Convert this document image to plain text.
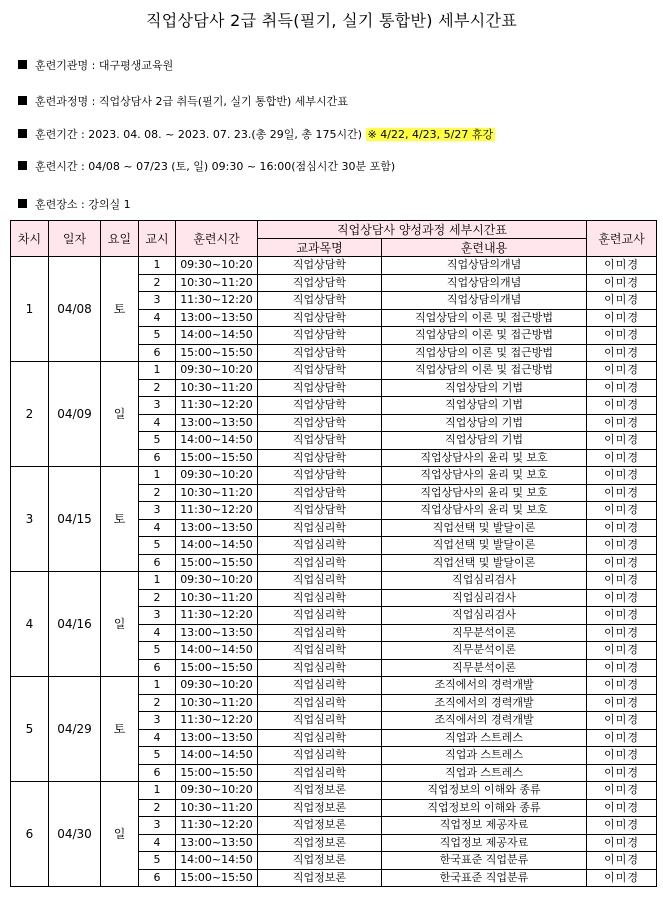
직업상담사 2급 취득(필기, 실기 통합반) 세부시간표
훈련기관명 : 대구평생교육원
훈련과정명 : 직업상담사 2급 취득(필기, 실기 통합반) 세부시간표
훈련기간 : 2023. 04. 08. ~ 2023. 07. 23.(총 29일, 총 175시간) ※ 4/22, 4/23, 5/27 휴강
훈련시간 : 04/08 ~ 07/23 (토, 일) 09:30 ~ 16:00(점심시간 30분 포함)
훈련장소 : 강의실 1
차시	일자	요일	교시	훈련시간	직업상담사 양성과정 세부시간표		훈련교사
					교과목명	훈련내용	
1	04/08	토	1	09:30~10:20	직업상담학	직업상담의개념	이미경
			2	10:30~11:20	직업상담학	직업상담의개념	이미경
			3	11:30~12:20	직업상담학	직업상담의개념	이미경
			4	13:00~13:50	직업상담학	직업상담의 이론 및 접근방법	이미경
			5	14:00~14:50	직업상담학	직업상담의 이론 및 접근방법	이미경
			6	15:00~15:50	직업상담학	직업상담의 이론 및 접근방법	이미경
2	04/09	일	1	09:30~10:20	직업상담학	직업상담의 이론 및 접근방법	이미경
			2	10:30~11:20	직업상담학	직업상담의 기법	이미경
			3	11:30~12:20	직업상담학	직업상담의 기법	이미경
			4	13:00~13:50	직업상담학	직업상담의 기법	이미경
			5	14:00~14:50	직업상담학	직업상담의 기법	이미경
			6	15:00~15:50	직업상담학	직업상담사의 윤리 및 보호	이미경
3	04/15	토	1	09:30~10:20	직업상담학	직업상담사의 윤리 및 보호	이미경
			2	10:30~11:20	직업상담학	직업상담사의 윤리 및 보호	이미경
			3	11:30~12:20	직업상담학	직업상담사의 윤리 및 보호	이미경
			4	13:00~13:50	직업심리학	직업선택 및 발달이론	이미경
			5	14:00~14:50	직업심리학	직업선택 및 발달이론	이미경
			6	15:00~15:50	직업심리학	직업선택 및 발달이론	이미경
4	04/16	일	1	09:30~10:20	직업심리학	직업심리검사	이미경
			2	10:30~11:20	직업심리학	직업심리검사	이미경
			3	11:30~12:20	직업심리학	직업심리검사	이미경
			4	13:00~13:50	직업심리학	직무분석이론	이미경
			5	14:00~14:50	직업심리학	직무분석이론	이미경
			6	15:00~15:50	직업심리학	직무분석이론	이미경
5	04/29	토	1	09:30~10:20	직업심리학	조직에서의 경력개발	이미경
			2	10:30~11:20	직업심리학	조직에서의 경력개발	이미경
			3	11:30~12:20	직업심리학	조직에서의 경력개발	이미경
			4	13:00~13:50	직업심리학	직업과 스트레스	이미경
			5	14:00~14:50	직업심리학	직업과 스트레스	이미경
			6	15:00~15:50	직업심리학	직업과 스트레스	이미경
6	04/30	일	1	09:30~10:20	직업정보론	직업정보의 이해와 종류	이미경
			2	10:30~11:20	직업정보론	직업정보의 이해와 종류	이미경
			3	11:30~12:20	직업정보론	직업정보 제공자료	이미경
			4	13:00~13:50	직업정보론	직업정보 제공자료	이미경
			5	14:00~14:50	직업정보론	한국표준 직업분류	이미경
			6	15:00~15:50	직업정보론	한국표준 직업분류	이미경
